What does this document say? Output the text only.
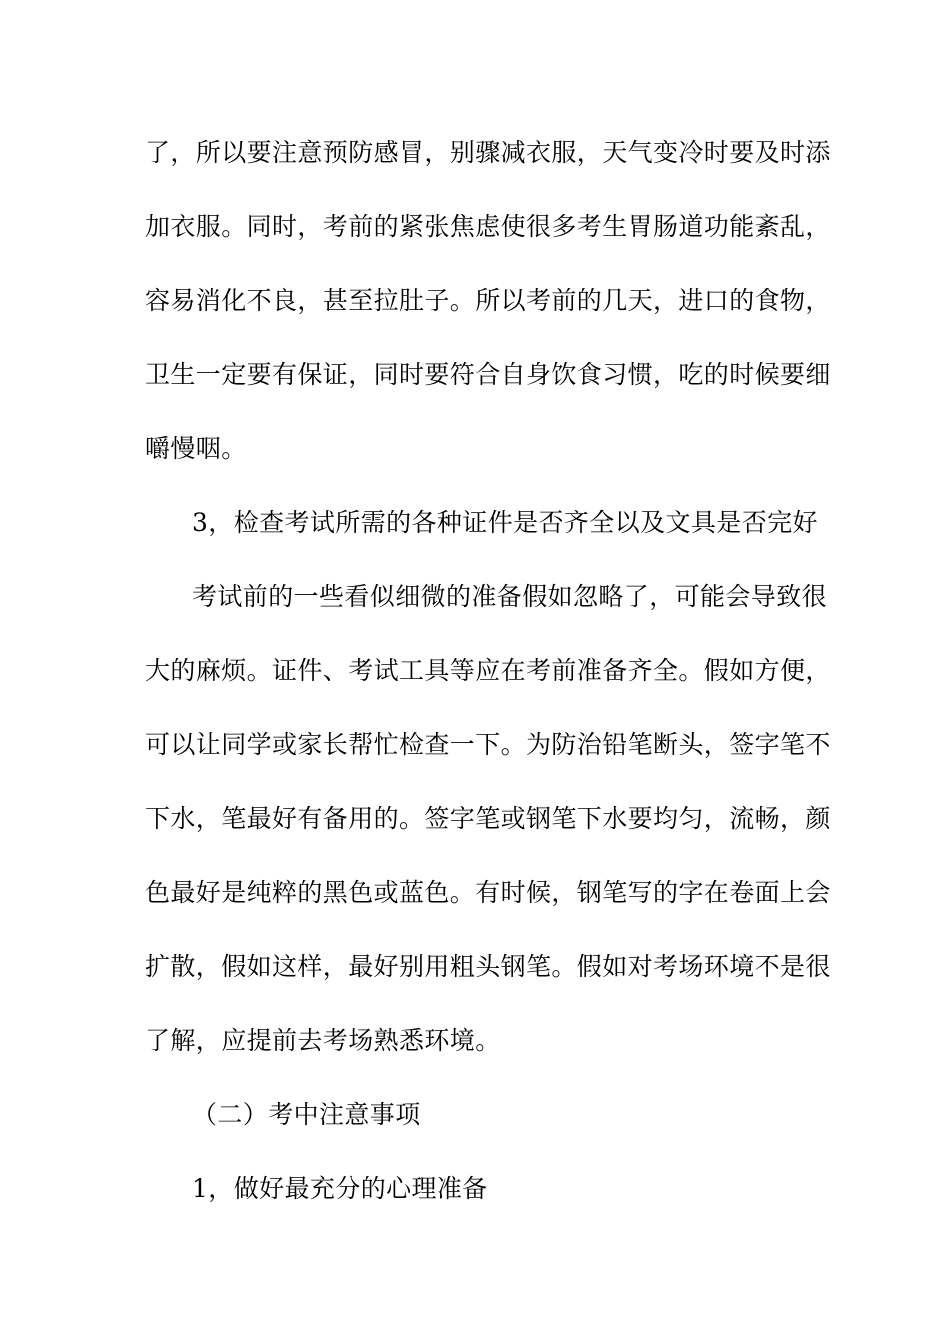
了，所以要注意预防感冒，别骤减衣服，天气变冷时要及时添
加衣服。同时，考前的紧张焦虑使很多考生胃肠道功能紊乱，
容易消化不良，甚至拉肚子。所以考前的几天，进口的食物，
卫生一定要有保证，同时要符合自身饮食习惯，吃的时候要细
嚼慢咽。
3，检查考试所需的各种证件是否齐全以及文具是否完好
考试前的一些看似细微的准备假如忽略了，可能会导致很
大的麻烦。证件、考试工具等应在考前准备齐全。假如方便，
可以让同学或家长帮忙检查一下。为防治铅笔断头，签字笔不
下水，笔最好有备用的。签字笔或钢笔下水要均匀，流畅，颜
色最好是纯粹的黑色或蓝色。有时候，钢笔写的字在卷面上会
扩散，假如这样，最好别用粗头钢笔。假如对考场环境不是很
了解，应提前去考场熟悉环境。
（二）考中注意事项
1，做好最充分的心理准备
